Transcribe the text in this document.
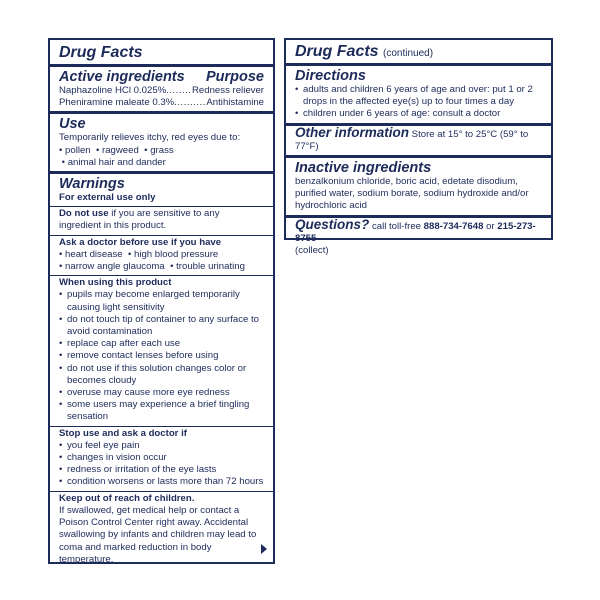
Drug Facts
Active ingredients Purpose
Naphazoline HCl 0.025% .....	Redness reliever
Pheniramine maleate 0.3% .....	Antihistamine
Use
Temporarily relieves itchy, red eyes due to:
• pollen  • ragweed  • grass  • animal hair and dander
Warnings
For external use only
Do not use if you are sensitive to any ingredient in this product.
Ask a doctor before use if you have
• heart disease  • high blood pressure
• narrow angle glaucoma  • trouble urinating
When using this product
• pupils may become enlarged temporarily causing light sensitivity
• do not touch tip of container to any surface to avoid contamination
• replace cap after each use
• remove contact lenses before using
• do not use if this solution changes color or becomes cloudy
• overuse may cause more eye redness
• some users may experience a brief tingling sensation
Stop use and ask a doctor if
• you feel eye pain
• changes in vision occur
• redness or irritation of the eye lasts
• condition worsens or lasts more than 72 hours
Keep out of reach of children.
If swallowed, get medical help or contact a Poison Control Center right away. Accidental swallowing by infants and children may lead to coma and marked reduction in body temperature.
Drug Facts (continued)
Directions
• adults and children 6 years of age and over: put 1 or 2 drops in the affected eye(s) up to four times a day
• children under 6 years of age: consult a doctor
Other information Store at 15° to 25°C (59° to 77°F)
Inactive ingredients
benzalkonium chloride, boric acid, edetate disodium, purified water, sodium borate, sodium hydroxide and/or hydrochloric acid
Questions? call toll-free 888-734-7648 or 215-273-8755
(collect)
